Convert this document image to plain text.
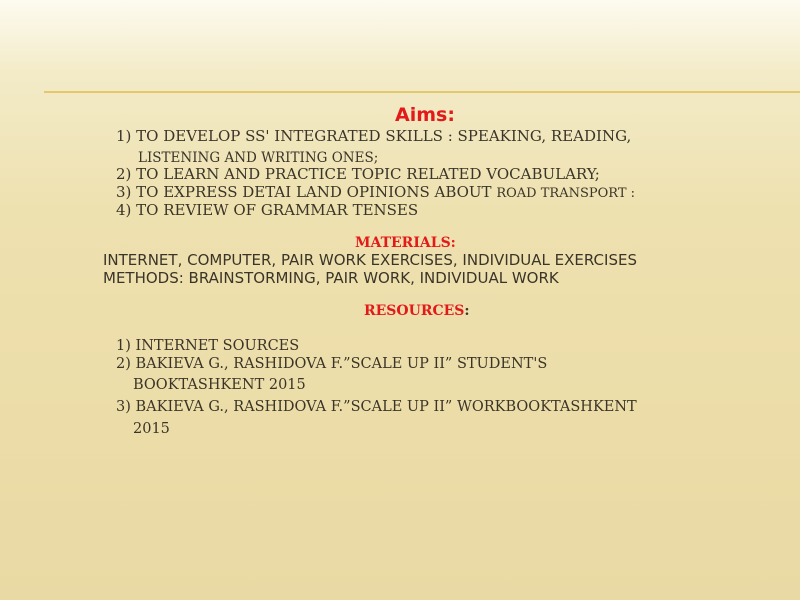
Aims:
1) TO DEVELOP SS' INTEGRATED SKILLS : SPEAKING, READING,
LISTENING AND WRITING ONES;
2) TO LEARN AND PRACTICE TOPIC RELATED VOCABULARY;
3) TO EXPRESS DETAI LAND OPINIONS ABOUT ROAD TRANSPORT :
4) TO REVIEW OF GRAMMAR TENSES
MATERIALS:
INTERNET, COMPUTER, PAIR WORK EXERCISES, INDIVIDUAL EXERCISES
METHODS: BRAINSTORMING, PAIR WORK, INDIVIDUAL WORK
RESOURCES:
1) INTERNET SOURCES
2) BAKIEVA G., RASHIDOVA F.”SCALE UP II” STUDENT'S
BOOKTASHKENT 2015
3) BAKIEVA G., RASHIDOVA F.”SCALE UP II” WORKBOOKTASHKENT
2015
